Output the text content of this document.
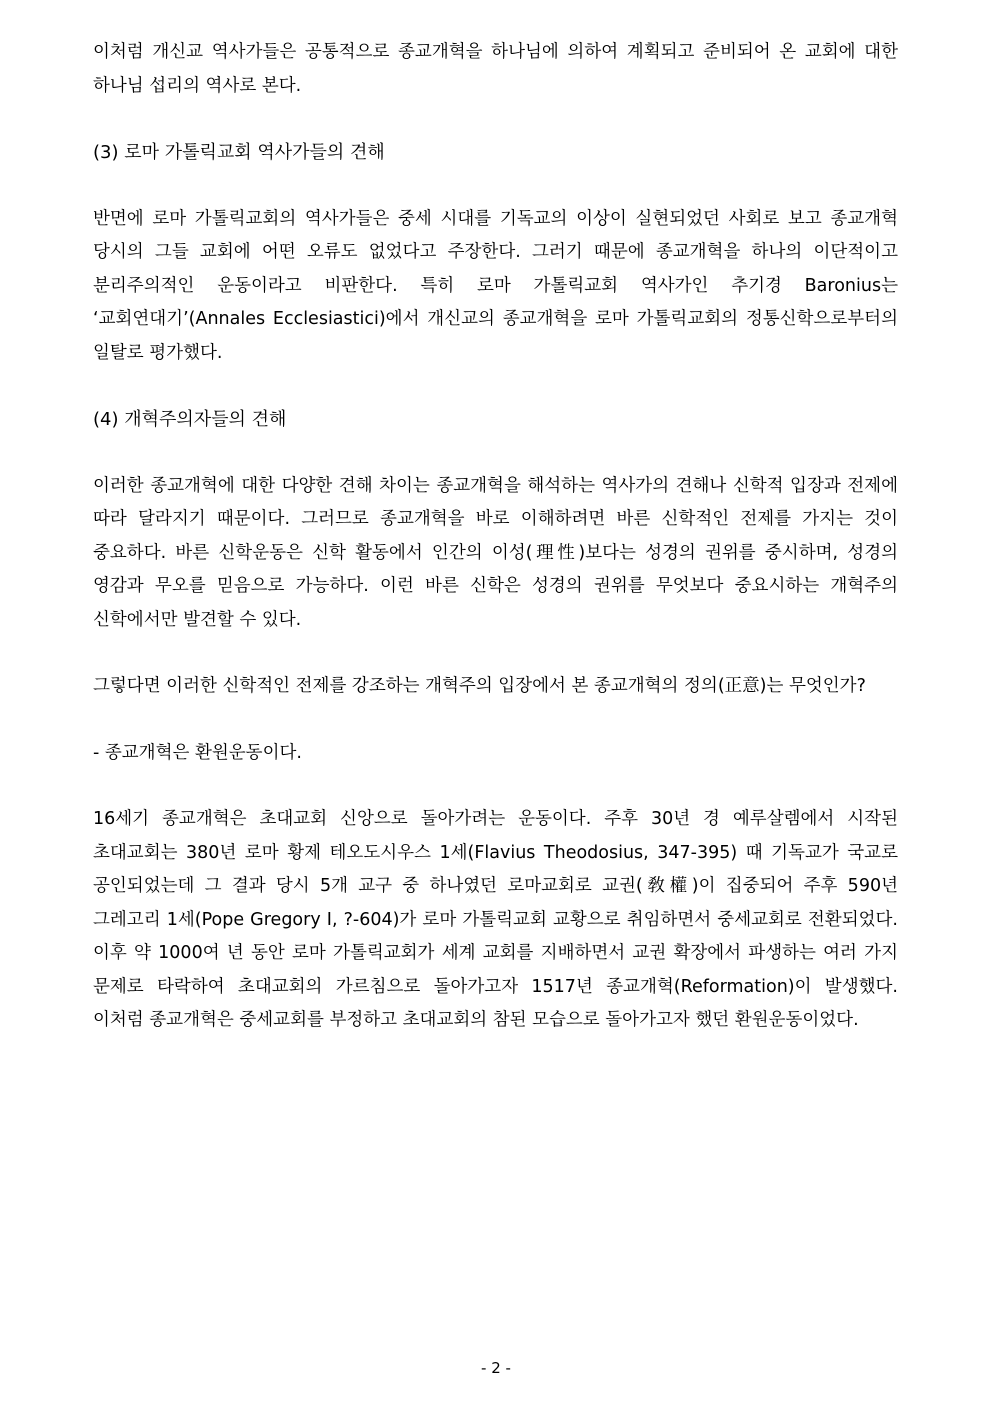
이처럼 개신교 역사가들은 공통적으로 종교개혁을 하나님에 의하여 계획되고 준비되어 온 교회에 대한 하나님 섭리의 역사로 본다.

(3) 로마 가톨릭교회 역사가들의 견해

반면에 로마 가톨릭교회의 역사가들은 중세 시대를 기독교의 이상이 실현되었던 사회로 보고 종교개혁 당시의 그들 교회에 어떤 오류도 없었다고 주장한다. 그러기 때문에 종교개혁을 하나의 이단적이고 분리주의적인 운동이라고 비판한다. 특히 로마 가톨릭교회 역사가인 추기경 Baronius는 ‘교회연대기’(Annales Ecclesiastici)에서 개신교의 종교개혁을 로마 가톨릭교회의 정통신학으로부터의 일탈로 평가했다.

(4) 개혁주의자들의 견해

이러한 종교개혁에 대한 다양한 견해 차이는 종교개혁을 해석하는 역사가의 견해나 신학적 입장과 전제에 따라 달라지기 때문이다. 그러므로 종교개혁을 바로 이해하려면 바른 신학적인 전제를 가지는 것이 중요하다. 바른 신학운동은 신학 활동에서 인간의 이성(理性)보다는 성경의 권위를 중시하며, 성경의 영감과 무오를 믿음으로 가능하다. 이런 바른 신학은 성경의 권위를 무엇보다 중요시하는 개혁주의 신학에서만 발견할 수 있다.

그렇다면 이러한 신학적인 전제를 강조하는 개혁주의 입장에서 본 종교개혁의 정의(正意)는 무엇인가?

- 종교개혁은 환원운동이다.

16세기 종교개혁은 초대교회 신앙으로 돌아가려는 운동이다. 주후 30년 경 예루살렘에서 시작된 초대교회는 380년 로마 황제 테오도시우스 1세(Flavius Theodosius, 347-395) 때 기독교가 국교로 공인되었는데 그 결과 당시 5개 교구 중 하나였던 로마교회로 교권(敎權)이 집중되어 주후 590년 그레고리 1세(Pope Gregory I, ?-604)가 로마 가톨릭교회 교황으로 취임하면서 중세교회로 전환되었다. 이후 약 1000여 년 동안 로마 가톨릭교회가 세계 교회를 지배하면서 교권 확장에서 파생하는 여러 가지 문제로 타락하여 초대교회의 가르침으로 돌아가고자 1517년 종교개혁(Reformation)이 발생했다. 이처럼 종교개혁은 중세교회를 부정하고 초대교회의 참된 모습으로 돌아가고자 했던 환원운동이었다.

- 2 -
